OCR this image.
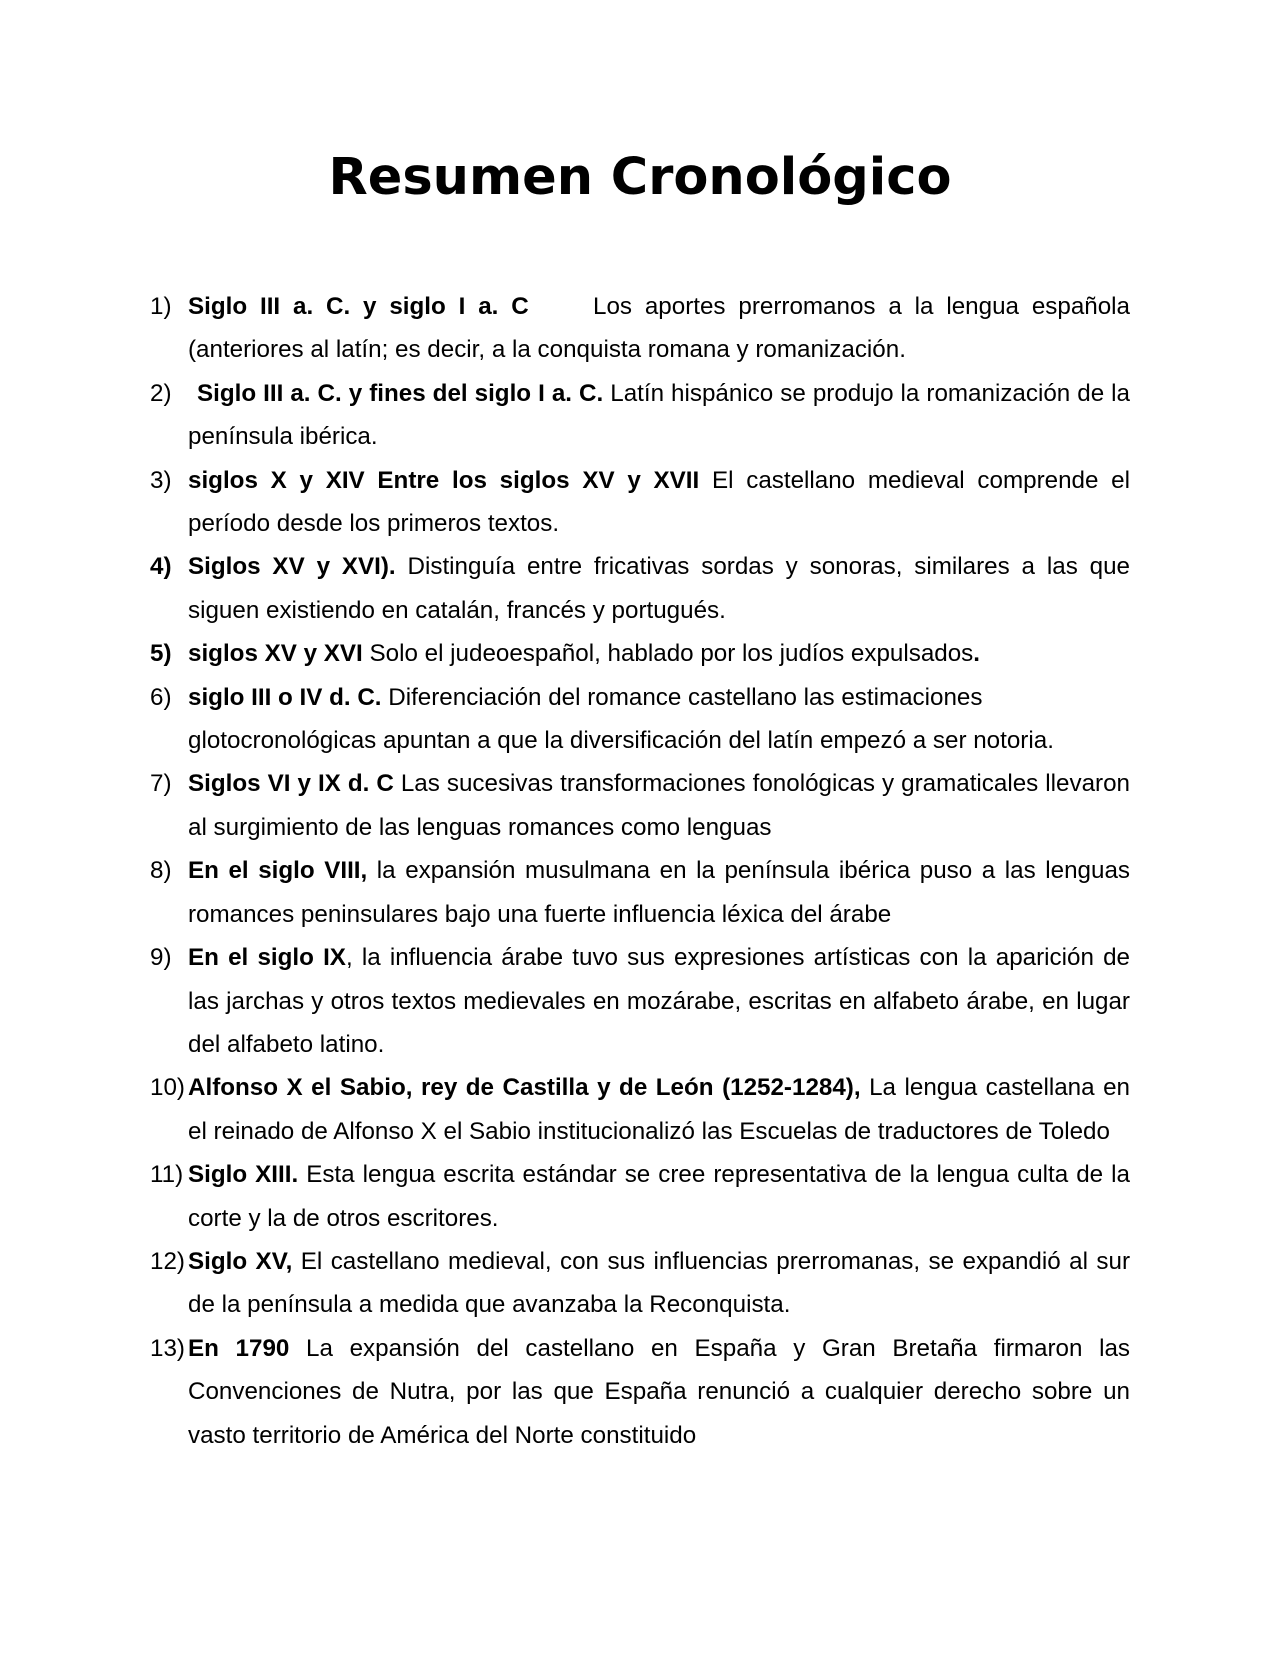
Resumen Cronológico
1) Siglo III a. C. y siglo I a. C     Los aportes prerromanos a la lengua española (anteriores al latín; es decir, a la conquista romana y romanización.
2) Siglo III a. C. y fines del siglo I a. C. Latín hispánico se produjo la romanización de la península ibérica.
3) siglos X y XIV Entre los siglos XV y XVII El castellano medieval comprende el período desde los primeros textos.
4) Siglos XV y XVI). Distinguía entre fricativas sordas y sonoras, similares a las que siguen existiendo en catalán, francés y portugués.
5) siglos XV y XVI Solo el judeoespañol, hablado por los judíos expulsados.
6) siglo III o IV d. C. Diferenciación del romance castellano las estimaciones glotocronológicas apuntan a que la diversificación del latín empezó a ser notoria.
7) Siglos VI y IX d. C Las sucesivas transformaciones fonológicas y gramaticales llevaron al surgimiento de las lenguas romances como lenguas
8) En el siglo VIII, la expansión musulmana en la península ibérica puso a las lenguas romances peninsulares bajo una fuerte influencia léxica del árabe
9) En el siglo IX, la influencia árabe tuvo sus expresiones artísticas con la aparición de las jarchas y otros textos medievales en mozárabe, escritas en alfabeto árabe, en lugar del alfabeto latino.
10) Alfonso X el Sabio, rey de Castilla y de León (1252-1284), La lengua castellana en el reinado de Alfonso X el Sabio institucionalizó las Escuelas de traductores de Toledo
11) Siglo XIII. Esta lengua escrita estándar se cree representativa de la lengua culta de la corte y la de otros escritores.
12) Siglo XV, El castellano medieval, con sus influencias prerromanas, se expandió al sur de la península a medida que avanzaba la Reconquista.
13) En 1790 La expansión del castellano en España y Gran Bretaña firmaron las Convenciones de Nutra, por las que España renunció a cualquier derecho sobre un vasto territorio de América del Norte constituido
